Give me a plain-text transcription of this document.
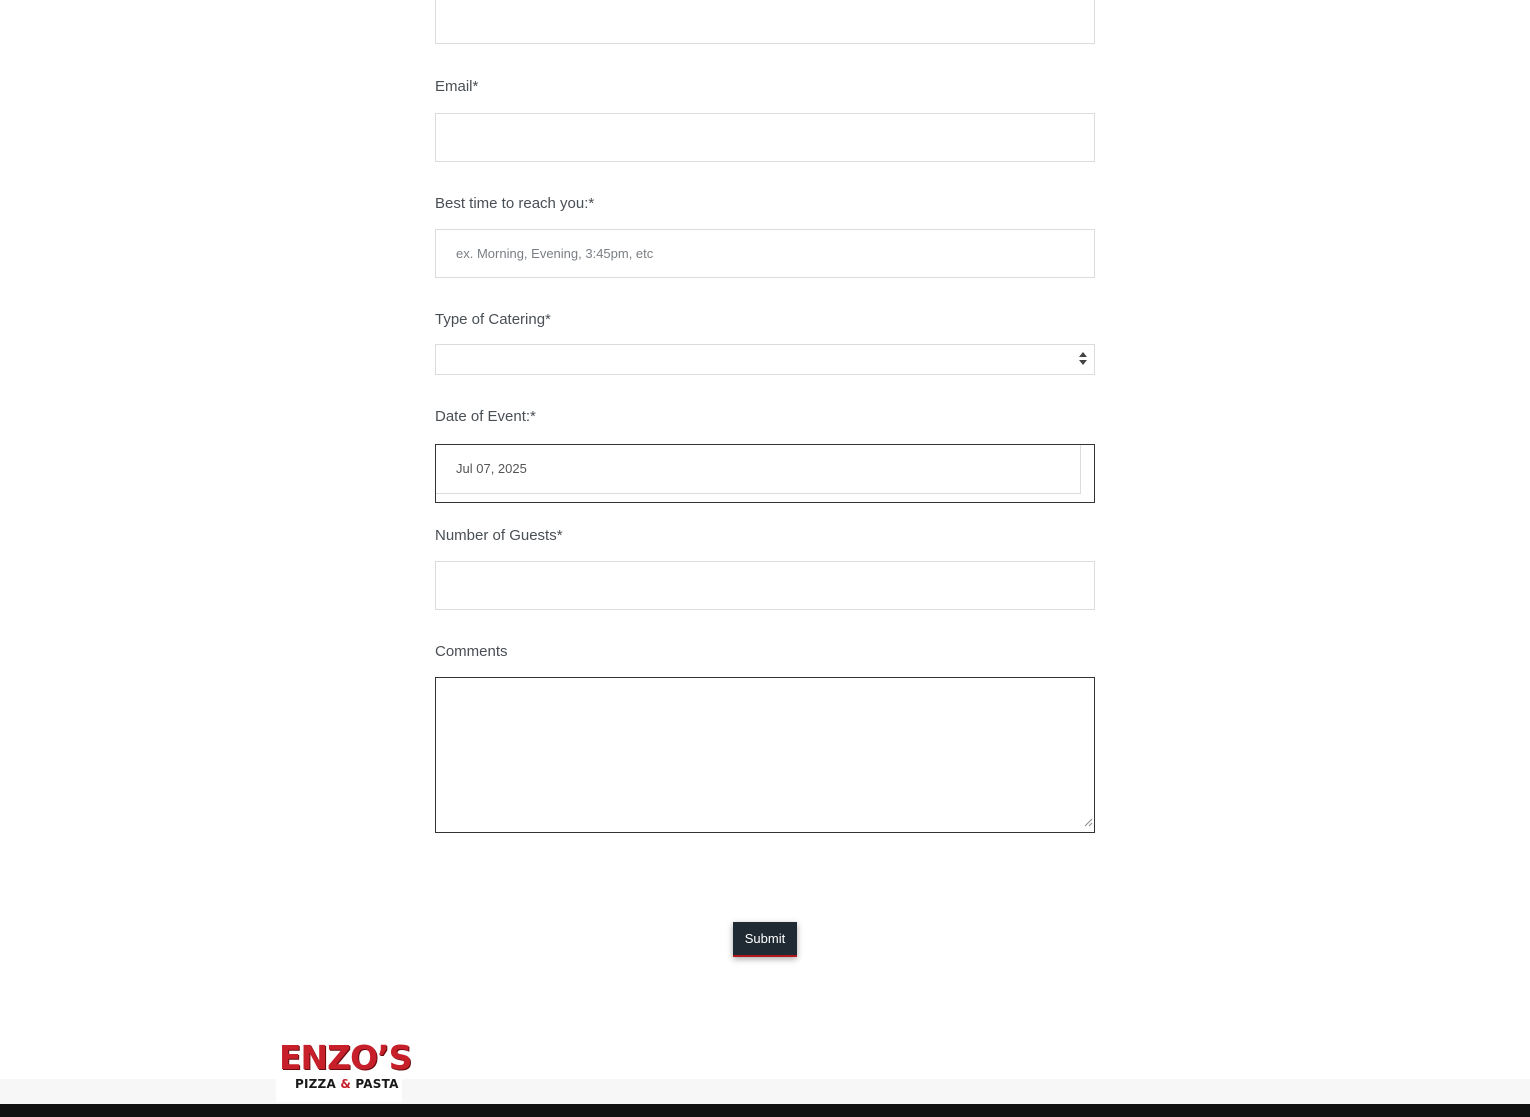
Email*
Best time to reach you:*
ex. Morning, Evening, 3:45pm, etc
Type of Catering*
Date of Event:*
Jul 07, 2025
Number of Guests*
Comments
Submit
ENZO’S
PIZZA & PASTA
